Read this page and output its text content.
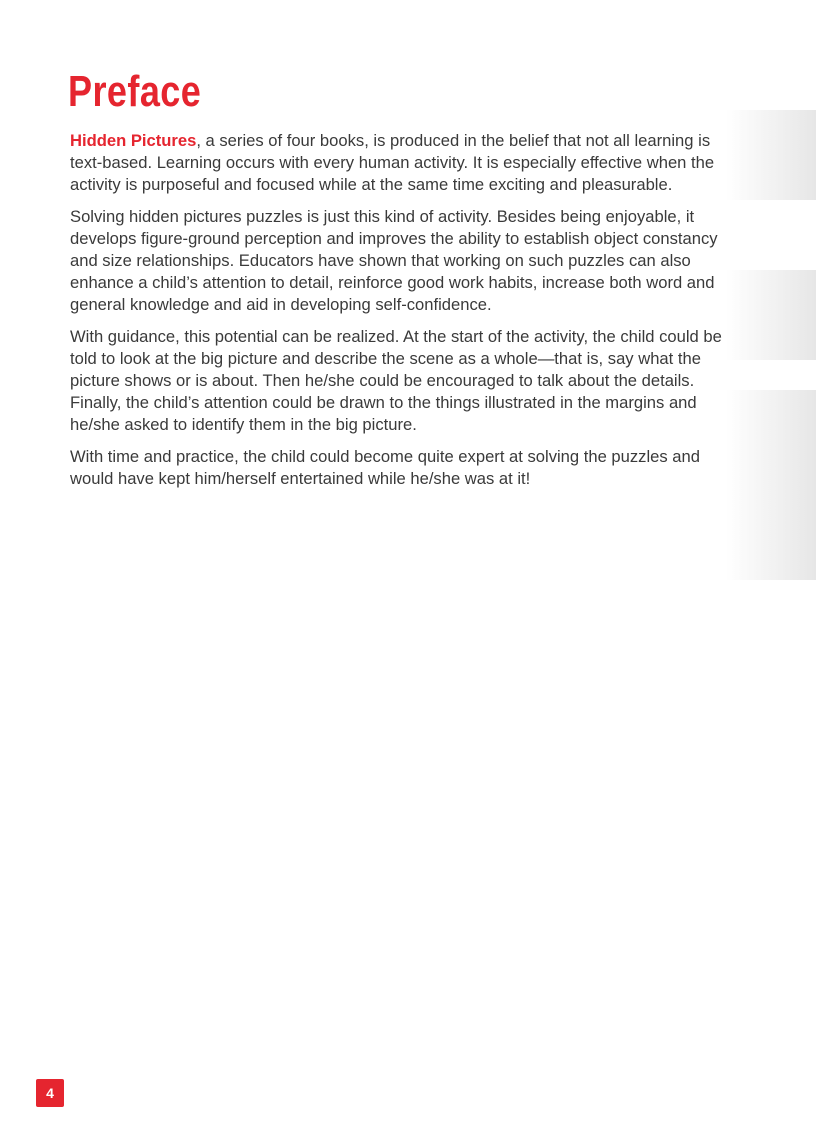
Preface

Hidden Pictures, a series of four books, is produced in the belief that not all learning is text-based. Learning occurs with every human activity. It is especially effective when the activity is purposeful and focused while at the same time exciting and pleasurable.

Solving hidden pictures puzzles is just this kind of activity. Besides being enjoyable, it develops figure-ground perception and improves the ability to establish object constancy and size relationships. Educators have shown that working on such puzzles can also enhance a child’s attention to detail, reinforce good work habits, increase both word and general knowledge and aid in developing self-confidence.

With guidance, this potential can be realized. At the start of the activity, the child could be told to look at the big picture and describe the scene as a whole—that is, say what the picture shows or is about. Then he/she could be encouraged to talk about the details. Finally, the child’s attention could be drawn to the things illustrated in the margins and he/she asked to identify them in the big picture.

With time and practice, the child could become quite expert at solving the puzzles and would have kept him/herself entertained while he/she was at it!

4
